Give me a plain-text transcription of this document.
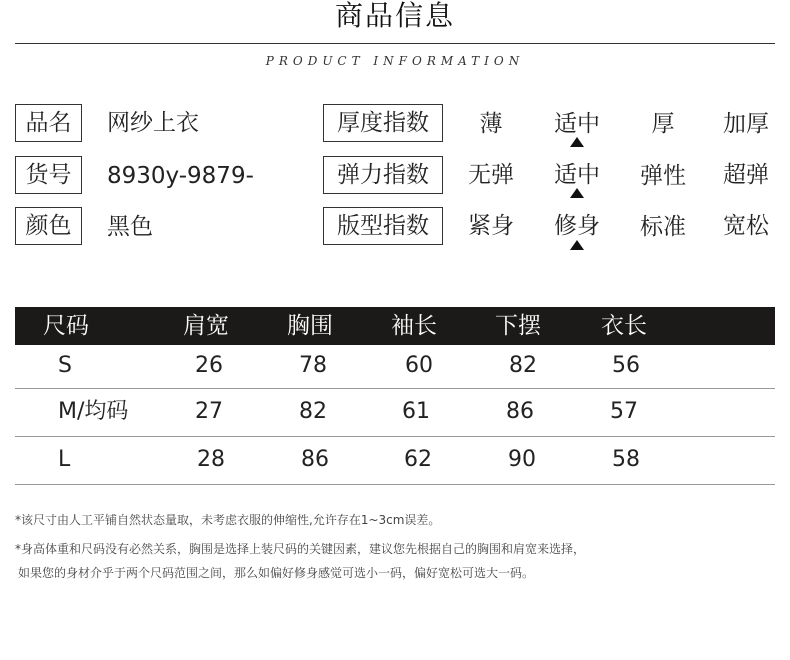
商品信息
PRODUCT INFORMATION
品名	网纱上衣
货号	8930y-9879-
颜色	黑色
厚度指数	薄	适中	厚	加厚
弹力指数	无弹	适中	弹性	超弹
版型指数	紧身	修身	标准	宽松
尺码	肩宽	胸围	袖长	下摆	衣长
S	26	78	60	82	56
M/均码	27	82	61	86	57
L	28	86	62	90	58
*该尺寸由人工平铺自然状态量取，未考虑衣服的伸缩性,允许存在1~3cm误差。
*身高体重和尺码没有必然关系，胸围是选择上装尺码的关键因素，建议您先根据自己的胸围和肩宽来选择，
如果您的身材介乎于两个尺码范围之间，那么如偏好修身感觉可选小一码，偏好宽松可选大一码。
